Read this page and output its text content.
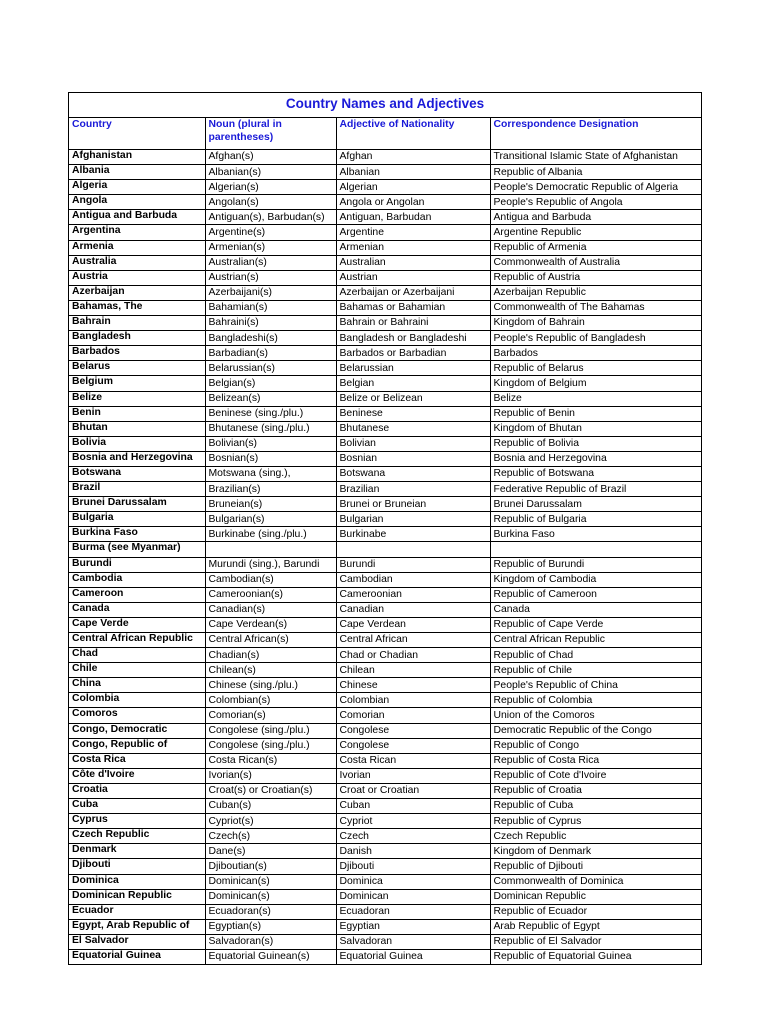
Country Names and Adjectives
Country	Noun (plural in parentheses)	Adjective of Nationality	Correspondence Designation
Afghanistan	Afghan(s)	Afghan	Transitional Islamic State of Afghanistan
Albania	Albanian(s)	Albanian	Republic of Albania
Algeria	Algerian(s)	Algerian	People's Democratic Republic of Algeria
Angola	Angolan(s)	Angola or Angolan	People's Republic of Angola
Antigua and Barbuda	Antiguan(s), Barbudan(s)	Antiguan, Barbudan	Antigua and Barbuda
Argentina	Argentine(s)	Argentine	Argentine Republic
Armenia	Armenian(s)	Armenian	Republic of Armenia
Australia	Australian(s)	Australian	Commonwealth of Australia
Austria	Austrian(s)	Austrian	Republic of Austria
Azerbaijan	Azerbaijani(s)	Azerbaijan or Azerbaijani	Azerbaijan Republic
Bahamas, The	Bahamian(s)	Bahamas or Bahamian	Commonwealth of The Bahamas
Bahrain	Bahraini(s)	Bahrain or Bahraini	Kingdom of Bahrain
Bangladesh	Bangladeshi(s)	Bangladesh or Bangladeshi	People's Republic of Bangladesh
Barbados	Barbadian(s)	Barbados or Barbadian	Barbados
Belarus	Belarussian(s)	Belarussian	Republic of Belarus
Belgium	Belgian(s)	Belgian	Kingdom of Belgium
Belize	Belizean(s)	Belize or Belizean	Belize
Benin	Beninese (sing./plu.)	Beninese	Republic of Benin
Bhutan	Bhutanese (sing./plu.)	Bhutanese	Kingdom of Bhutan
Bolivia	Bolivian(s)	Bolivian	Republic of Bolivia
Bosnia and Herzegovina	Bosnian(s)	Bosnian	Bosnia and Herzegovina
Botswana	Motswana (sing.),	Botswana	Republic of Botswana
Brazil	Brazilian(s)	Brazilian	Federative Republic of Brazil
Brunei Darussalam	Bruneian(s)	Brunei or Bruneian	Brunei Darussalam
Bulgaria	Bulgarian(s)	Bulgarian	Republic of Bulgaria
Burkina Faso	Burkinabe (sing./plu.)	Burkinabe	Burkina Faso
Burma (see Myanmar)			
Burundi	Murundi (sing.), Barundi	Burundi	Republic of Burundi
Cambodia	Cambodian(s)	Cambodian	Kingdom of Cambodia
Cameroon	Cameroonian(s)	Cameroonian	Republic of Cameroon
Canada	Canadian(s)	Canadian	Canada
Cape Verde	Cape Verdean(s)	Cape Verdean	Republic of Cape Verde
Central African Republic	Central African(s)	Central African	Central African Republic
Chad	Chadian(s)	Chad or Chadian	Republic of Chad
Chile	Chilean(s)	Chilean	Republic of Chile
China	Chinese (sing./plu.)	Chinese	People's Republic of China
Colombia	Colombian(s)	Colombian	Republic of Colombia
Comoros	Comorian(s)	Comorian	Union of the Comoros
Congo, Democratic	Congolese (sing./plu.)	Congolese	Democratic Republic of the Congo
Congo, Republic of	Congolese (sing./plu.)	Congolese	Republic of Congo
Costa Rica	Costa Rican(s)	Costa Rican	Republic of Costa Rica
Côte d'Ivoire	Ivorian(s)	Ivorian	Republic of Cote d'Ivoire
Croatia	Croat(s) or Croatian(s)	Croat or Croatian	Republic of Croatia
Cuba	Cuban(s)	Cuban	Republic of Cuba
Cyprus	Cypriot(s)	Cypriot	Republic of Cyprus
Czech Republic	Czech(s)	Czech	Czech Republic
Denmark	Dane(s)	Danish	Kingdom of Denmark
Djibouti	Djiboutian(s)	Djibouti	Republic of Djibouti
Dominica	Dominican(s)	Dominica	Commonwealth of Dominica
Dominican Republic	Dominican(s)	Dominican	Dominican Republic
Ecuador	Ecuadoran(s)	Ecuadoran	Republic of Ecuador
Egypt, Arab Republic of	Egyptian(s)	Egyptian	Arab Republic of Egypt
El Salvador	Salvadoran(s)	Salvadoran	Republic of El Salvador
Equatorial Guinea	Equatorial Guinean(s)	Equatorial Guinea	Republic of Equatorial Guinea
